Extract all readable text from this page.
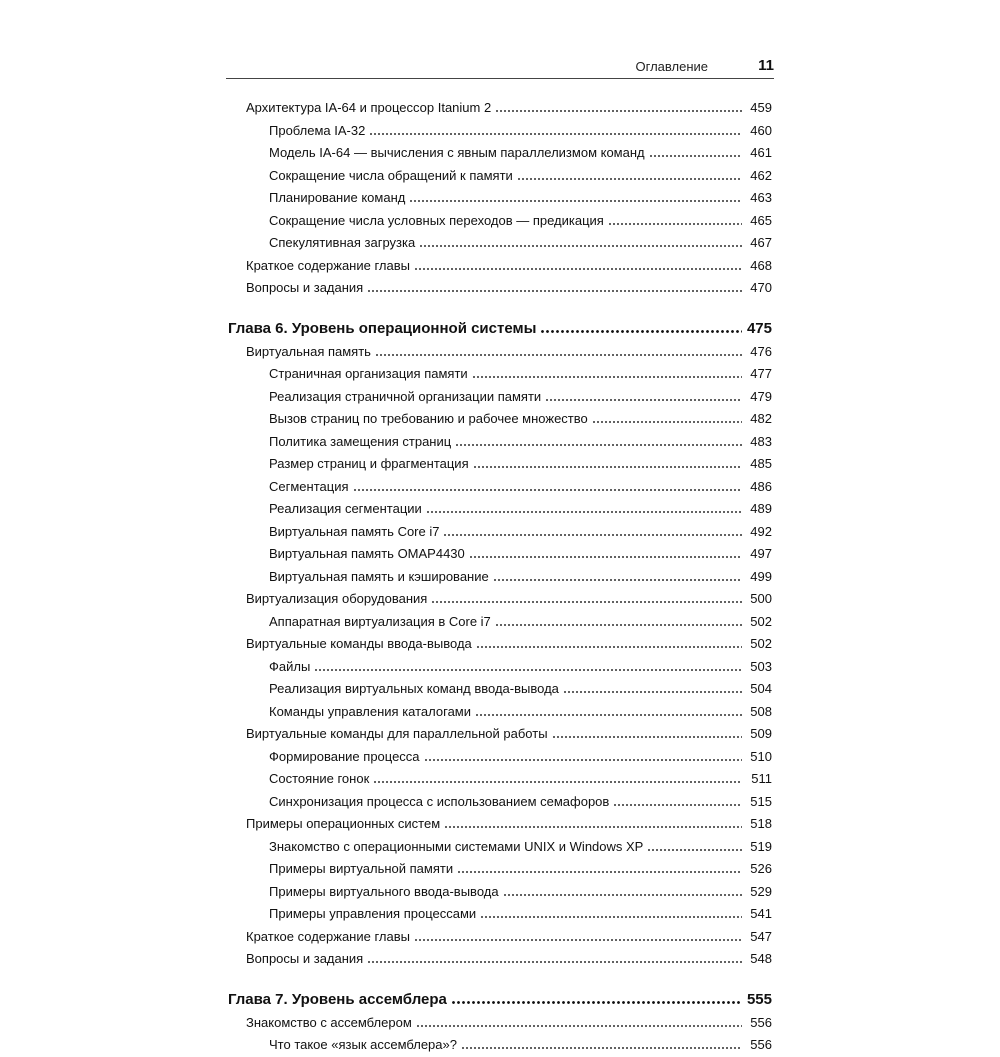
Оглавление	11
Архитектура IA-64 и процессор Itanium 2	459
Проблема IA-32	460
Модель IA-64 — вычисления с явным параллелизмом команд	461
Сокращение числа обращений к памяти	462
Планирование команд	463
Сокращение числа условных переходов — предикация	465
Спекулятивная загрузка	467
Краткое содержание главы	468
Вопросы и задания	470
Глава 6. Уровень операционной системы	475
Виртуальная память	476
Страничная организация памяти	477
Реализация страничной организации памяти	479
Вызов страниц по требованию и рабочее множество	482
Политика замещения страниц	483
Размер страниц и фрагментация	485
Сегментация	486
Реализация сегментации	489
Виртуальная память Core i7	492
Виртуальная память OMAP4430	497
Виртуальная память и кэширование	499
Виртуализация оборудования	500
Аппаратная виртуализация в Core i7	502
Виртуальные команды ввода-вывода	502
Файлы	503
Реализация виртуальных команд ввода-вывода	504
Команды управления каталогами	508
Виртуальные команды для параллельной работы	509
Формирование процесса	510
Состояние гонок	511
Синхронизация процесса с использованием семафоров	515
Примеры операционных систем	518
Знакомство с операционными системами UNIX и Windows XP	519
Примеры виртуальной памяти	526
Примеры виртуального ввода-вывода	529
Примеры управления процессами	541
Краткое содержание главы	547
Вопросы и задания	548
Глава 7. Уровень ассемблера	555
Знакомство с ассемблером	556
Что такое «язык ассемблера»?	556
